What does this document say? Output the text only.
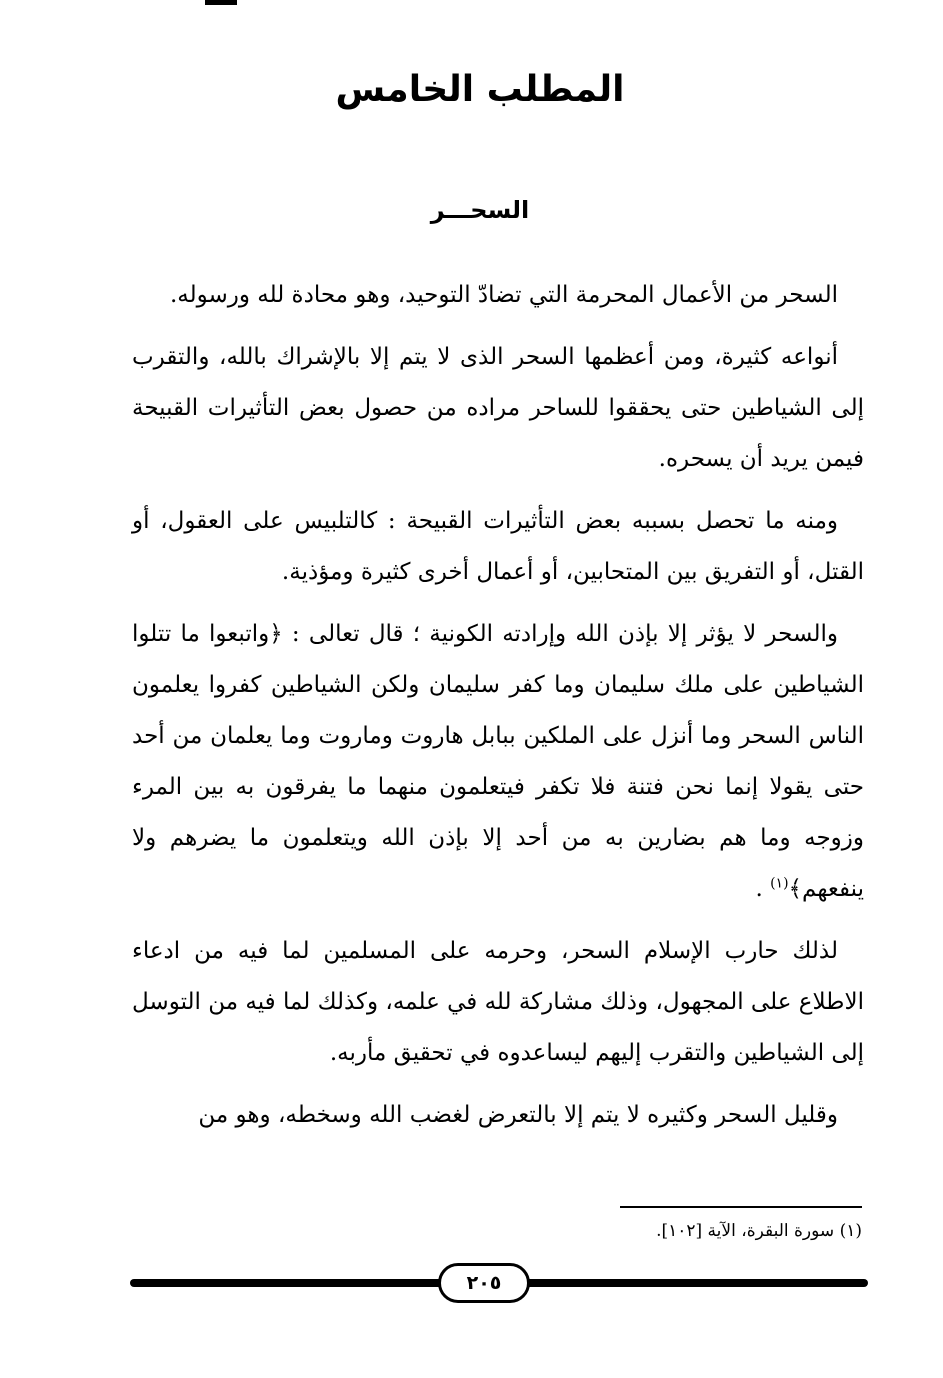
المطلب الخامس
السحـــر

السحر من الأعمال المحرمة التي تضادّ التوحيد، وهو محادة لله ورسوله.

أنواعه كثيرة، ومن أعظمها السحر الذى لا يتم إلا بالإشراك بالله، والتقرب إلى الشياطين حتى يحققوا للساحر مراده من حصول بعض التأثيرات القبيحة فيمن يريد أن يسحره.

ومنه ما تحصل بسببه بعض التأثيرات القبيحة : كالتلبيس على العقول، أو القتل، أو التفريق بين المتحابين، أو أعمال أخرى كثيرة ومؤذية.

والسحر لا يؤثر إلا بإذن الله وإرادته الكونية ؛ قال تعالى : ﴿واتبعوا ما تتلوا الشياطين على ملك سليمان وما كفر سليمان ولكن الشياطين كفروا يعلمون الناس السحر وما أنزل على الملكين ببابل هاروت وماروت وما يعلمان من أحد حتى يقولا إنما نحن فتنة فلا تكفر فيتعلمون منهما ما يفرقون به بين المرء وزوجه وما هم بضارين به من أحد إلا بإذن الله ويتعلمون ما يضرهم ولا ينفعهم﴾$^{(١)}$ .

لذلك حارب الإسلام السحر، وحرمه على المسلمين لما فيه من ادعاء الاطلاع على المجهول، وذلك مشاركة لله في علمه، وكذلك لما فيه من التوسل إلى الشياطين والتقرب إليهم ليساعدوه في تحقيق مأربه.

وقليل السحر وكثيره لا يتم إلا بالتعرض لغضب الله وسخطه، وهو من

(١) سورة البقرة، الآية [١٠٢].

٢٠٥
